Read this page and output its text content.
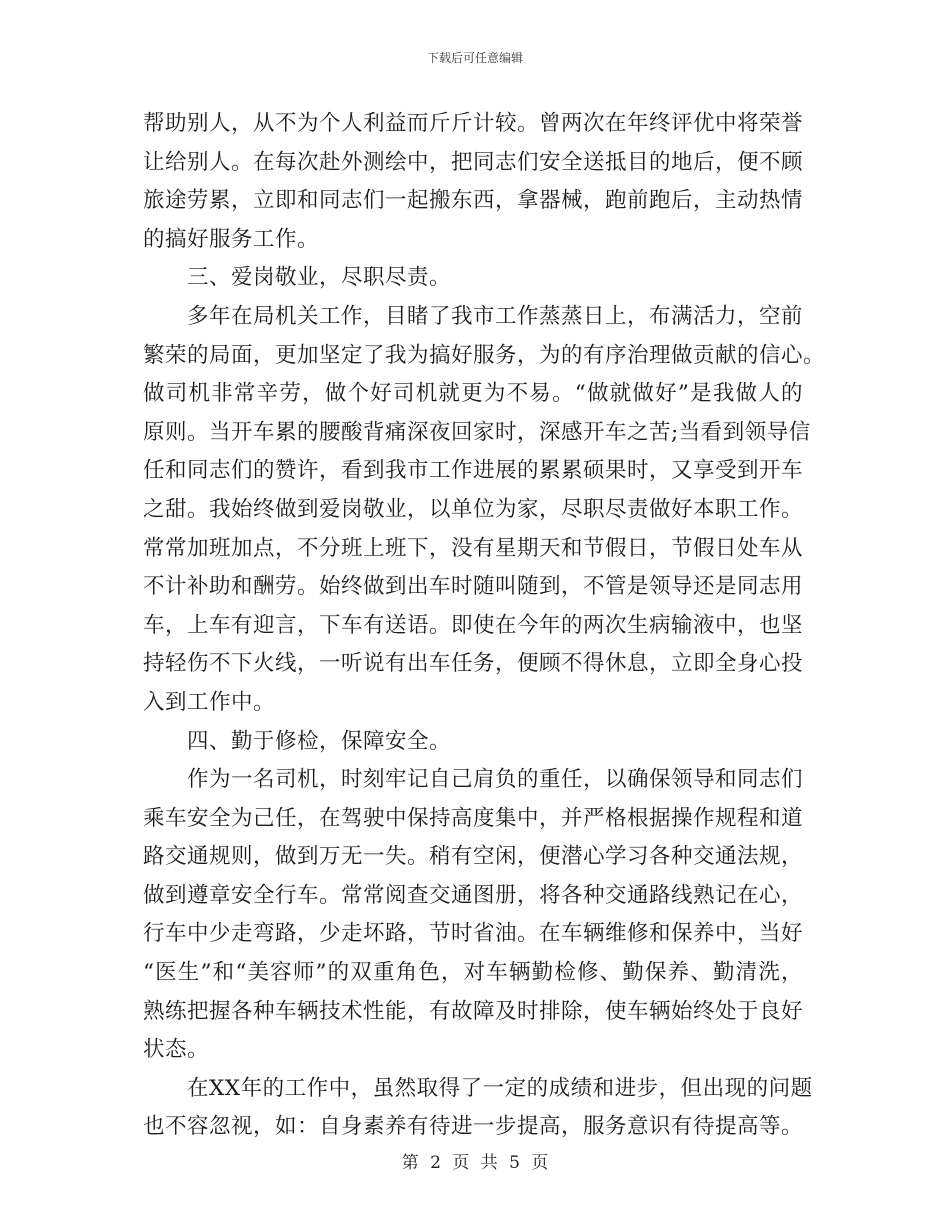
下载后可任意编辑
帮助别人，从不为个人利益而斤斤计较。曾两次在年终评优中将荣誉
让给别人。在每次赴外测绘中，把同志们安全送抵目的地后，便不顾
旅途劳累，立即和同志们一起搬东西，拿器械，跑前跑后，主动热情
的搞好服务工作。
三、爱岗敬业，尽职尽责。
多年在局机关工作，目睹了我市工作蒸蒸日上，布满活力，空前
繁荣的局面，更加坚定了我为搞好服务，为的有序治理做贡献的信心。
做司机非常辛劳，做个好司机就更为不易。“做就做好”是我做人的
原则。当开车累的腰酸背痛深夜回家时，深感开车之苦;当看到领导信
任和同志们的赞许，看到我市工作进展的累累硕果时，又享受到开车
之甜。我始终做到爱岗敬业，以单位为家，尽职尽责做好本职工作。
常常加班加点，不分班上班下，没有星期天和节假日，节假日处车从
不计补助和酬劳。始终做到出车时随叫随到，不管是领导还是同志用
车，上车有迎言，下车有送语。即使在今年的两次生病输液中，也坚
持轻伤不下火线，一听说有出车任务，便顾不得休息，立即全身心投
入到工作中。
四、勤于修检，保障安全。
作为一名司机，时刻牢记自己肩负的重任，以确保领导和同志们
乘车安全为己任，在驾驶中保持高度集中，并严格根据操作规程和道
路交通规则，做到万无一失。稍有空闲，便潜心学习各种交通法规，
做到遵章安全行车。常常阅查交通图册，将各种交通路线熟记在心，
行车中少走弯路，少走坏路，节时省油。在车辆维修和保养中，当好
“医生”和“美容师”的双重角色，对车辆勤检修、勤保养、勤清洗，
熟练把握各种车辆技术性能，有故障及时排除，使车辆始终处于良好
状态。
在XX年的工作中，虽然取得了一定的成绩和进步，但出现的问题
也不容忽视，如：自身素养有待进一步提高，服务意识有待提高等。
第 2 页 共 5 页
